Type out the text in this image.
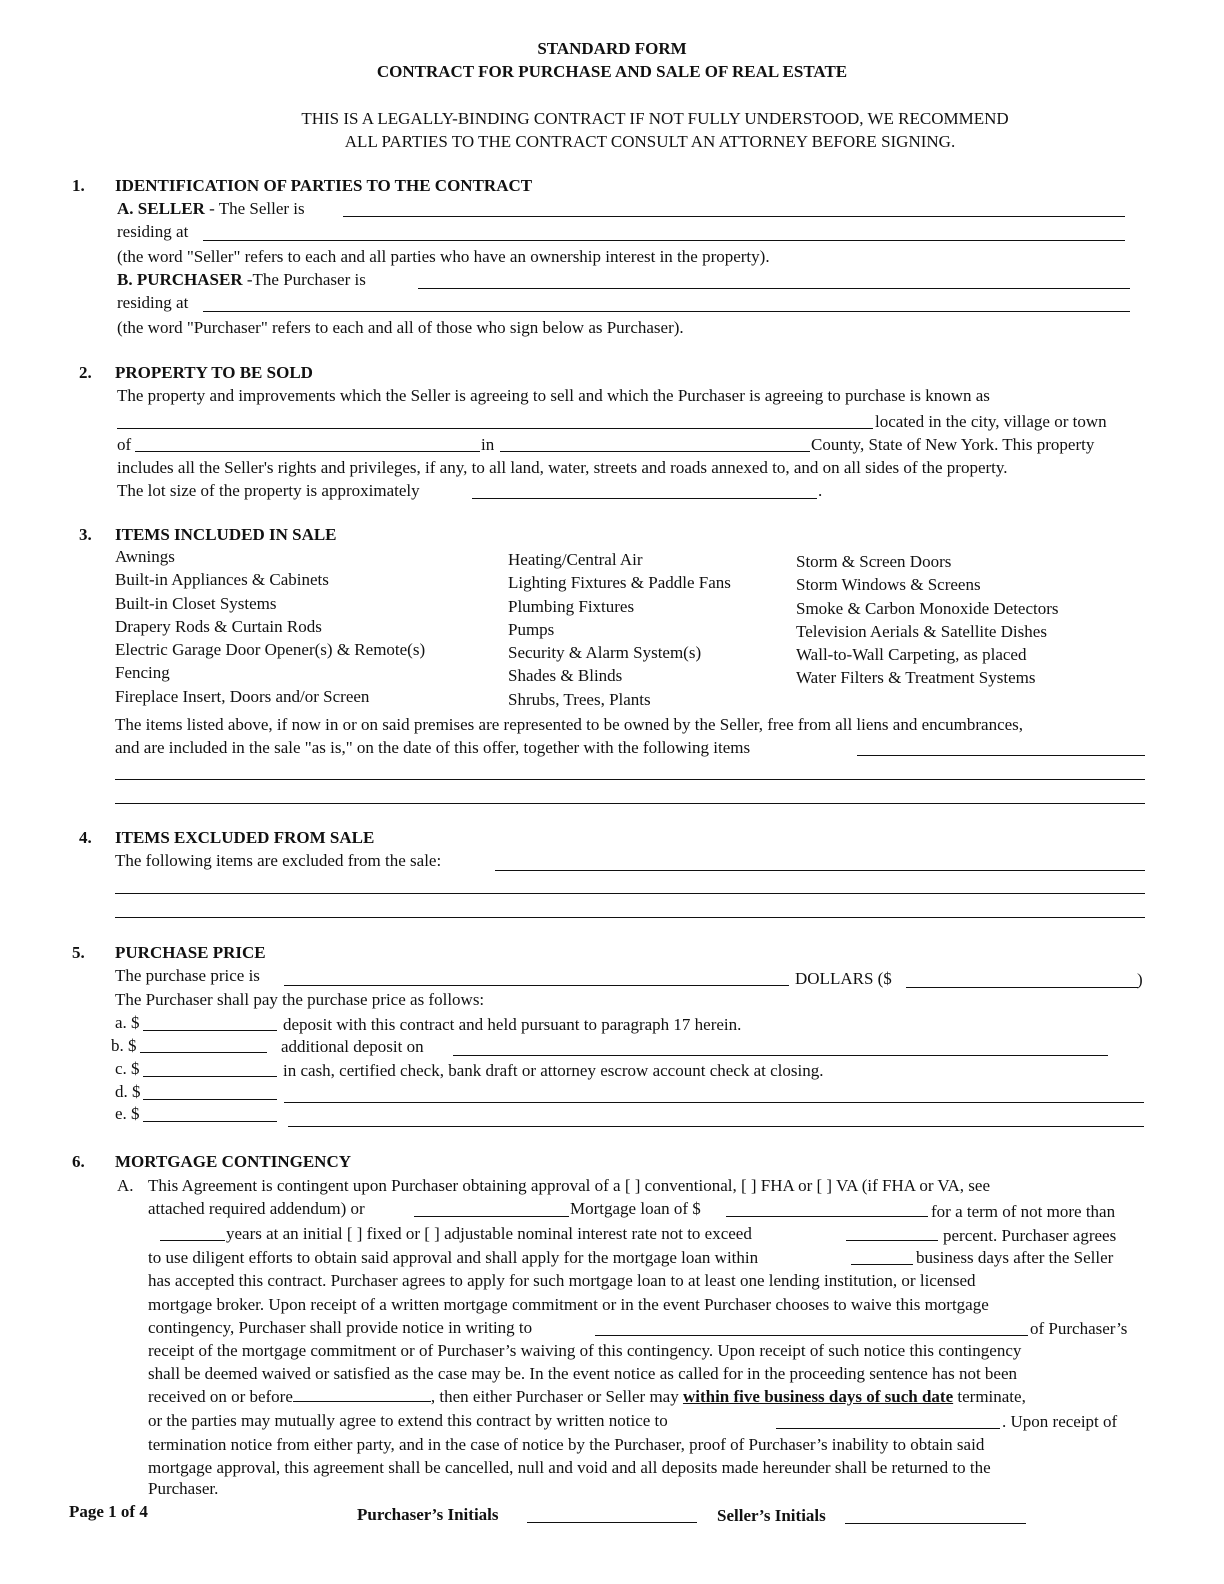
STANDARD FORM
CONTRACT FOR PURCHASE AND SALE OF REAL ESTATE
THIS IS A LEGALLY-BINDING CONTRACT IF NOT FULLY UNDERSTOOD, WE RECOMMEND
ALL PARTIES TO THE CONTRACT CONSULT AN ATTORNEY BEFORE SIGNING.
1. IDENTIFICATION OF PARTIES TO THE CONTRACT
A. SELLER - The Seller is
residing at
(the word "Seller" refers to each and all parties who have an ownership interest in the property).
B. PURCHASER -The Purchaser is
residing at
(the word "Purchaser" refers to each and all of those who sign below as Purchaser).
2. PROPERTY TO BE SOLD
The property and improvements which the Seller is agreeing to sell and which the Purchaser is agreeing to purchase is known as
located in the city, village or town
of	in	County, State of New York. This property
includes all the Seller's rights and privileges, if any, to all land, water, streets and roads annexed to, and on all sides of the property.
The lot size of the property is approximately	.
3. ITEMS INCLUDED IN SALE
Awnings
Built-in Appliances & Cabinets
Built-in Closet Systems
Drapery Rods & Curtain Rods
Electric Garage Door Opener(s) & Remote(s)
Fencing
Fireplace Insert, Doors and/or Screen
Heating/Central Air
Lighting Fixtures & Paddle Fans
Plumbing Fixtures
Pumps
Security & Alarm System(s)
Shades & Blinds
Shrubs, Trees, Plants
Storm & Screen Doors
Storm Windows & Screens
Smoke & Carbon Monoxide Detectors
Television Aerials & Satellite Dishes
Wall-to-Wall Carpeting, as placed
Water Filters & Treatment Systems
The items listed above, if now in or on said premises are represented to be owned by the Seller, free from all liens and encumbrances,
and are included in the sale "as is," on the date of this offer, together with the following items
4. ITEMS EXCLUDED FROM SALE
The following items are excluded from the sale:
5. PURCHASE PRICE
The purchase price is	DOLLARS ($	)
The Purchaser shall pay the purchase price as follows:
a. $	deposit with this contract and held pursuant to paragraph 17 herein.
b. $	additional deposit on
c. $	in cash, certified check, bank draft or attorney escrow account check at closing.
d. $
e. $
6. MORTGAGE CONTINGENCY
A. This Agreement is contingent upon Purchaser obtaining approval of a [ ] conventional, [ ] FHA or [ ] VA (if FHA or VA, see
attached required addendum) or	Mortgage loan of $	for a term of not more than
years at an initial [ ] fixed or [ ] adjustable nominal interest rate not to exceed	percent. Purchaser agrees
to use diligent efforts to obtain said approval and shall apply for the mortgage loan within	business days after the Seller
has accepted this contract. Purchaser agrees to apply for such mortgage loan to at least one lending institution, or licensed
mortgage broker. Upon receipt of a written mortgage commitment or in the event Purchaser chooses to waive this mortgage
contingency, Purchaser shall provide notice in writing to	of Purchaser’s
receipt of the mortgage commitment or of Purchaser’s waiving of this contingency. Upon receipt of such notice this contingency
shall be deemed waived or satisfied as the case may be. In the event notice as called for in the proceeding sentence has not been
received on or before	, then either Purchaser or Seller may within five business days of such date terminate,
or the parties may mutually agree to extend this contract by written notice to	. Upon receipt of
termination notice from either party, and in the case of notice by the Purchaser, proof of Purchaser’s inability to obtain said
mortgage approval, this agreement shall be cancelled, null and void and all deposits made hereunder shall be returned to the
Purchaser.
Page 1 of 4	Purchaser’s Initials	Seller’s Initials
